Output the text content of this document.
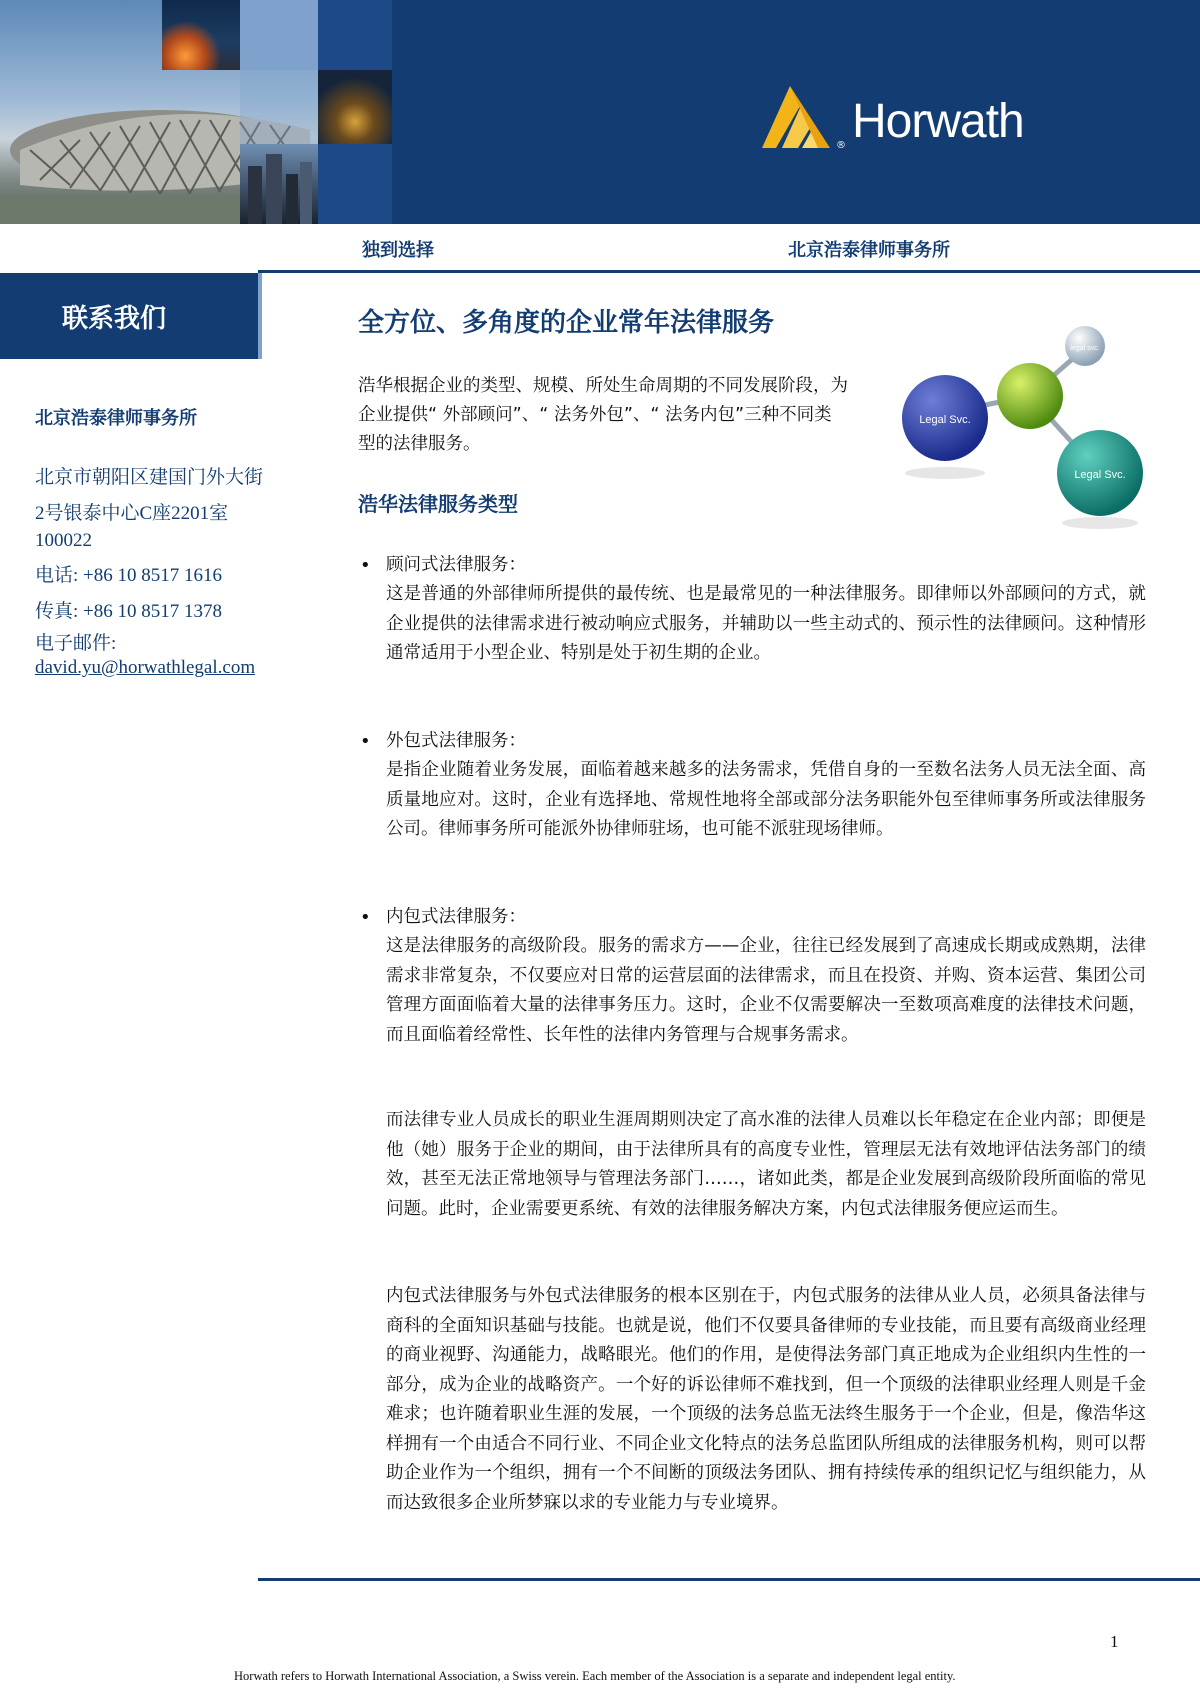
Horwath
®
独到选择	北京浩泰律师事务所
联系我们
北京浩泰律师事务所
北京市朝阳区建国门外大街
2号银泰中心C座2201室
100022
电话: +86 10 8517 1616
传真: +86 10 8517 1378
电子邮件:
david.yu@horwathlegal.com
全方位、多角度的企业常年法律服务
浩华根据企业的类型、规模、所处生命周期的不同发展阶段，为企业提供“ 外部顾问”、“ 法务外包”、“ 法务内包”三种不同类型的法律服务。
legal svc.
Legal Svc.
Legal Svc.
浩华法律服务类型
• 顾问式法律服务：
这是普通的外部律师所提供的最传统、也是最常见的一种法律服务。即律师以外部顾问的方式，就企业提供的法律需求进行被动响应式服务，并辅助以一些主动式的、预示性的法律顾问。这种情形通常适用于小型企业、特别是处于初生期的企业。
• 外包式法律服务：
是指企业随着业务发展，面临着越来越多的法务需求，凭借自身的一至数名法务人员无法全面、高质量地应对。这时，企业有选择地、常规性地将全部或部分法务职能外包至律师事务所或法律服务公司。律师事务所可能派外协律师驻场，也可能不派驻现场律师。
• 内包式法律服务：
这是法律服务的高级阶段。服务的需求方——企业，往往已经发展到了高速成长期或成熟期，法律需求非常复杂，不仅要应对日常的运营层面的法律需求，而且在投资、并购、资本运营、集团公司管理方面面临着大量的法律事务压力。这时，企业不仅需要解决一至数项高难度的法律技术问题，而且面临着经常性、长年性的法律内务管理与合规事务需求。
而法律专业人员成长的职业生涯周期则决定了高水准的法律人员难以长年稳定在企业内部；即便是他（她）服务于企业的期间，由于法律所具有的高度专业性，管理层无法有效地评估法务部门的绩效，甚至无法正常地领导与管理法务部门……，诸如此类，都是企业发展到高级阶段所面临的常见问题。此时，企业需要更系统、有效的法律服务解决方案，内包式法律服务便应运而生。
内包式法律服务与外包式法律服务的根本区别在于，内包式服务的法律从业人员，必须具备法律与商科的全面知识基础与技能。也就是说，他们不仅要具备律师的专业技能，而且要有高级商业经理的商业视野、沟通能力，战略眼光。他们的作用，是使得法务部门真正地成为企业组织内生性的一部分，成为企业的战略资产。一个好的诉讼律师不难找到，但一个顶级的法律职业经理人则是千金难求；也许随着职业生涯的发展，一个顶级的法务总监无法终生服务于一个企业，但是，像浩华这样拥有一个由适合不同行业、不同企业文化特点的法务总监团队所组成的法律服务机构，则可以帮助企业作为一个组织，拥有一个不间断的顶级法务团队、拥有持续传承的组织记忆与组织能力，从而达致很多企业所梦寐以求的专业能力与专业境界。
1
Horwath refers to Horwath International Association, a Swiss verein. Each member of the Association is a separate and independent legal entity.
